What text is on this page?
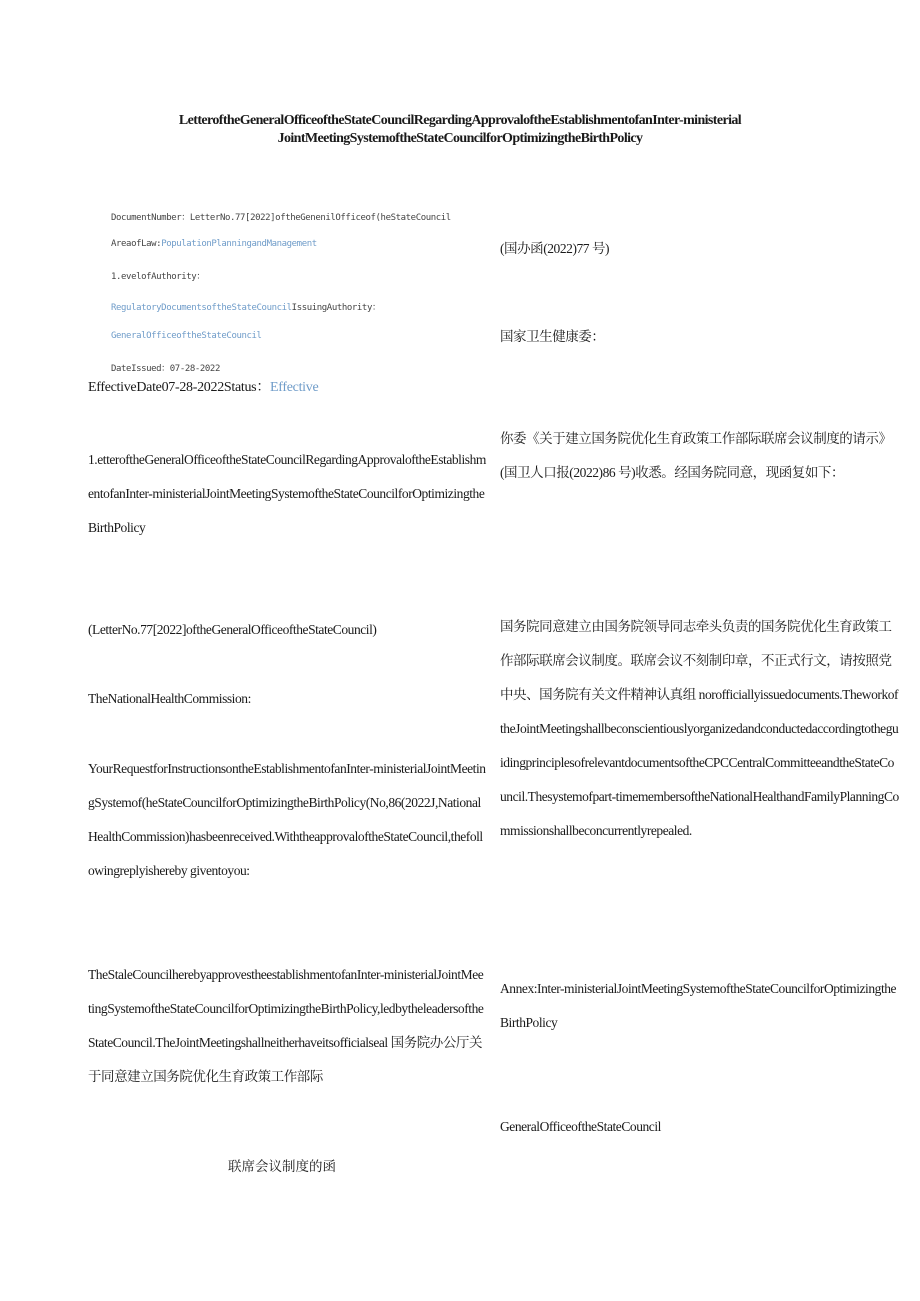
LetteroftheGeneralOfficeoftheStateCouncilRegardingApprovaloftheEstablishmentofanInter-ministerial
JointMeetingSystemoftheStateCouncilforOptimizingtheBirthPolicy
DocumentNumber：LetterNo.77[2022]oftheGenenilOfficeof(heStateCouncil
AreaofLaw:PopulationPlanningandManagement
1.evelofAuthority：
RegulatoryDocumentsoftheStateCouncilIssuingAuthority：
GeneralOfficeoftheStateCouncil
DateIssued：07-28-2022
EffectiveDate07-28-2022Status：Effective
1.etteroftheGeneralOfficeoftheStateCouncilRegardingApprovaloftheEstablishmentofanInter-ministerialJointMeetingSystemoftheStateCouncilforOptimizingtheBirthPolicy
(LetterNo.77[2022]oftheGeneralOfficeoftheStateCouncil)
TheNationalHealthCommission:
YourRequestforInstructionsontheEstablishmentofanInter-ministerialJointMeetingSystemof(heStateCouncilforOptimizingtheBirthPolicy(No,86(2022J,NationalHealthCommission)hasbeenreceived.WiththeapprovaloftheStateCouncil,thefollowingreplyishereby giventoyou:
TheStaleCouncilherebyapprovestheestablishmentofanInter-ministerialJointMeetingSystemoftheStateCouncilforOptimizingtheBirthPolicy,ledbytheleadersoftheStateCouncil.TheJointMeetingshallneitherhaveitsofficialseal 国务院办公厅关于同意建立国务院优化生育政策工作部际
联席会议制度的函
(国办函(2022)77 号)
国家卫生健康委：
你委《关于建立国务院优化生育政策工作部际联席会议制度的请示》(国卫人口报(2022)86 号)收悉。经国务院同意，现函复如下：
国务院同意建立由国务院领导同志牵头负责的国务院优化生育政策工作部际联席会议制度。联席会议不刻制印章，不正式行文，请按照党中央、国务院有关文件精神认真组 norofficiallyissuedocuments.TheworkoftheJointMeetingshallbeconscientiouslyorganizedandconductedaccordingtotheguidingprinciplesofrelevantdocumentsoftheCPCCentralCommitteeandtheStateCouncil.Thesystemofpart-timemembersoftheNationalHealthandFamilyPlanningCommissionshallbeconcurrentlyrepealed.
Annex:Inter-ministerialJointMeetingSystemoftheStateCouncilforOptimizingtheBirthPolicy
GeneralOfficeoftheStateCouncil
